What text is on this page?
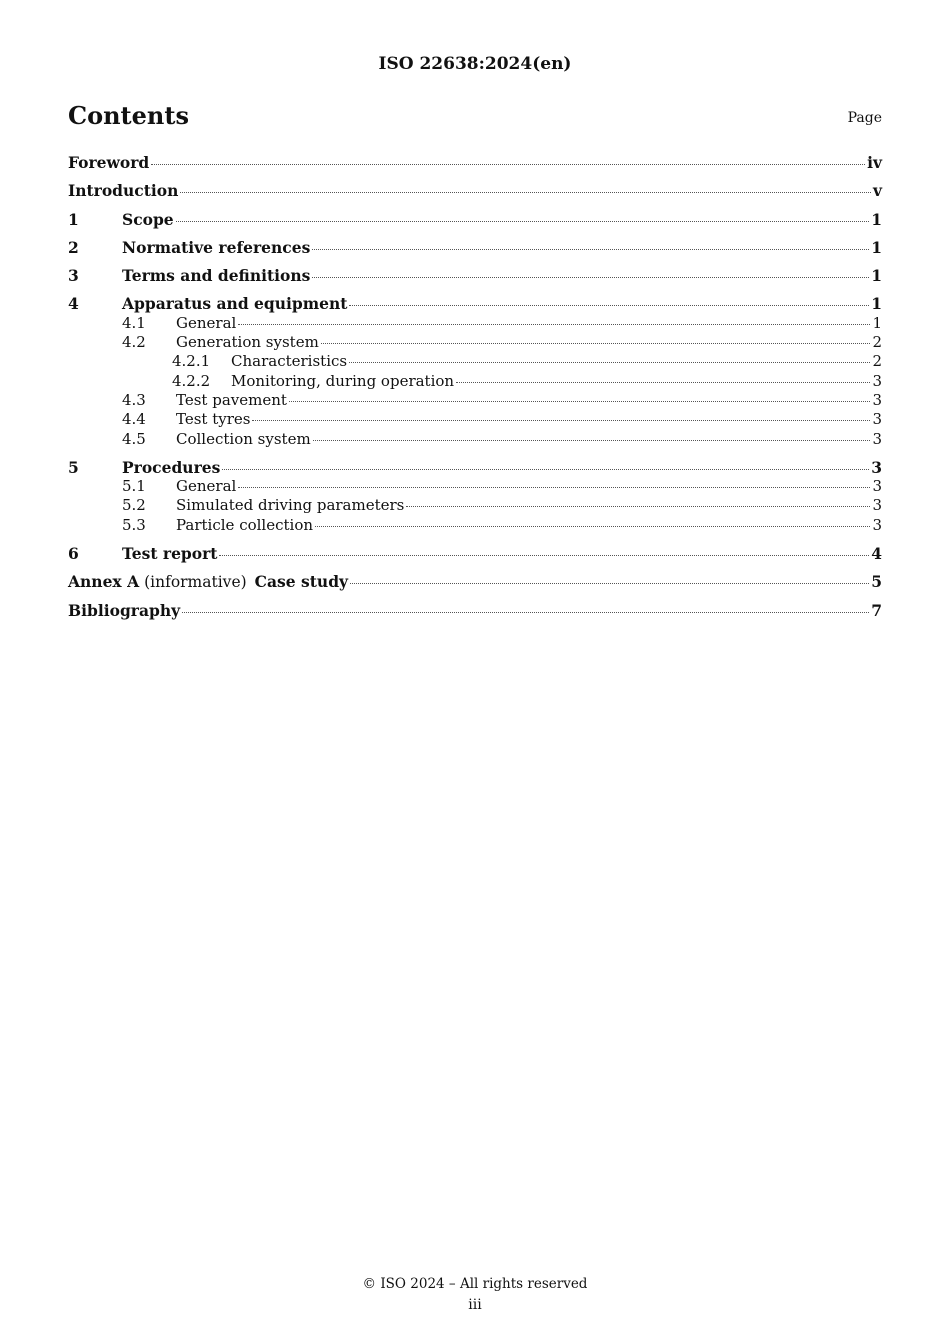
ISO 22638:2024(en)
Contents	Page
Foreword	iv
Introduction	v
1	Scope	1
2	Normative references	1
3	Terms and definitions	1
4	Apparatus and equipment	1
4.1	General	1
4.2	Generation system	2
4.2.1	Characteristics	2
4.2.2	Monitoring, during operation	3
4.3	Test pavement	3
4.4	Test tyres	3
4.5	Collection system	3
5	Procedures	3
5.1	General	3
5.2	Simulated driving parameters	3
5.3	Particle collection	3
6	Test report	4
Annex A (informative) Case study	5
Bibliography	7
© ISO 2024 – All rights reserved
iii
